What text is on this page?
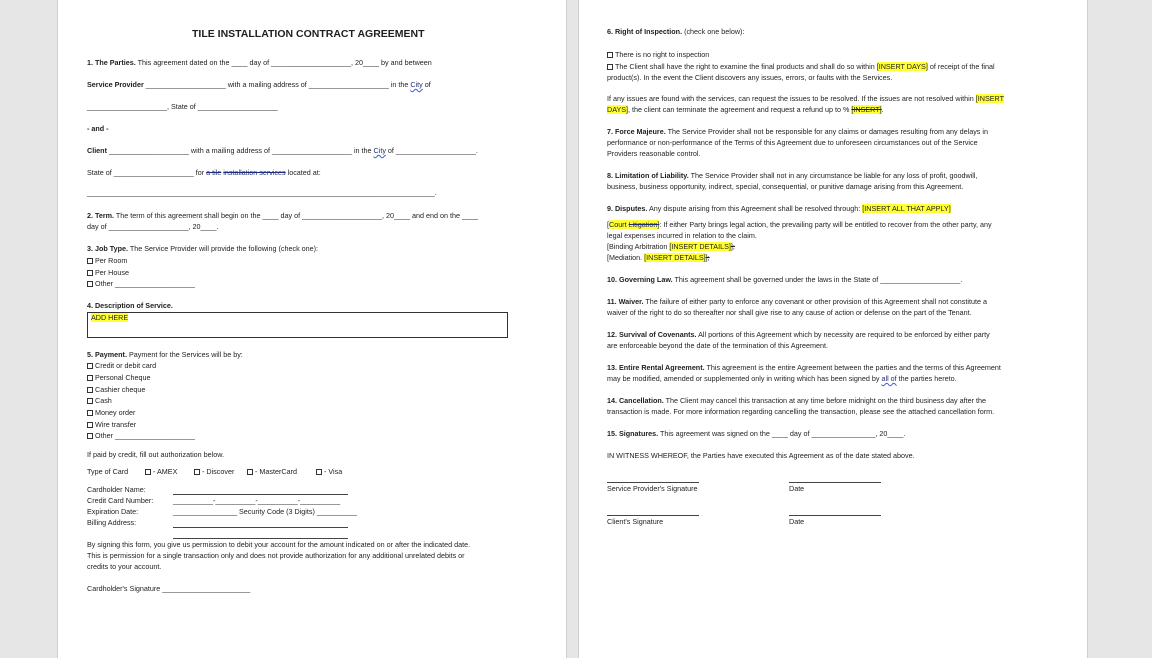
TILE INSTALLATION CONTRACT AGREEMENT
1. The Parties. This agreement dated on the ____ day of ____________________, 20____ by and between
Service Provider ____________________ with a mailing address of ____________________ in the City of
____________________, State of ____________________
- and -
Client ____________________ with a mailing address of ____________________ in the City of ____________________.
State of ____________________ for a tile installation services located at:
_______________________________________________________________________________________.
2. Term. The term of this agreement shall begin on the ____ day of ____________________, 20____ and end on the ____
day of ____________________, 20____.
3. Job Type. The Service Provider will provide the following (check one):
Per Room
Per House
Other ____________________
4. Description of Service.
ADD HERE
5. Payment. Payment for the Services will be by:
Credit or debit card
Personal Cheque
Cashier cheque
Cash
Money order
Wire transfer
Other ____________________
If paid by credit, fill out authorization below.
Type of Card	- AMEX	- Discover	- MasterCard	- Visa
Cardholder Name:
Credit Card Number:	__________-__________-__________-__________
Expiration Date:	________________ Security Code (3 Digits) __________
Billing Address:
By signing this form, you give us permission to debit your account for the amount indicated on or after the indicated date.
This is permission for a single transaction only and does not provide authorization for any additional unrelated debits or
credits to your account.
Cardholder's Signature ______________________
6. Right of Inspection. (check one below):
There is no right to inspection
The Client shall have the right to examine the final products and shall do so within [INSERT DAYS] of receipt of the final
product(s). In the event the Client discovers any issues, errors, or faults with the Services.
If any issues are found with the services, can request the issues to be resolved. If the issues are not resolved within [INSERT
DAYS], the client can terminate the agreement and request a refund up to % [INSERT].
7. Force Majeure. The Service Provider shall not be responsible for any claims or damages resulting from any delays in
performance or non-performance of the Terms of this Agreement due to unforeseen circumstances out of the Service
Providers reasonable control.
8. Limitation of Liability. The Service Provider shall not in any circumstance be liable for any loss of profit, goodwill,
business, business opportunity, indirect, special, consequential, or punitive damage arising from this Agreement.
9. Disputes. Any dispute arising from this Agreement shall be resolved through: [INSERT ALL THAT APPLY]
[Court Litigation]: If either Party brings legal action, the prevailing party will be entitled to recover from the other party, any
legal expenses incurred in relation to the claim.
[Binding Arbitration [INSERT DETAILS]];
[Mediation. [INSERT DETAILS]];
10. Governing Law. This agreement shall be governed under the laws in the State of ____________________.
11. Waiver. The failure of either party to enforce any covenant or other provision of this Agreement shall not constitute a
waiver of the right to do so thereafter nor shall give rise to any cause of action or defense on the part of the Tenant.
12. Survival of Covenants. All portions of this Agreement which by necessity are required to be enforced by either party
are enforceable beyond the date of the termination of this Agreement.
13. Entire Rental Agreement. This agreement is the entire Agreement between the parties and the terms of this Agreement
may be modified, amended or supplemented only in writing which has been signed by all of the parties hereto.
14. Cancellation. The Client may cancel this transaction at any time before midnight on the third business day after the
transaction is made. For more information regarding cancelling the transaction, please see the attached cancellation form.
15. Signatures. This agreement was signed on the ____ day of ________________, 20____.
IN WITNESS WHEREOF, the Parties have executed this Agreement as of the date stated above.
Service Provider's Signature	Date
Client's Signature	Date
